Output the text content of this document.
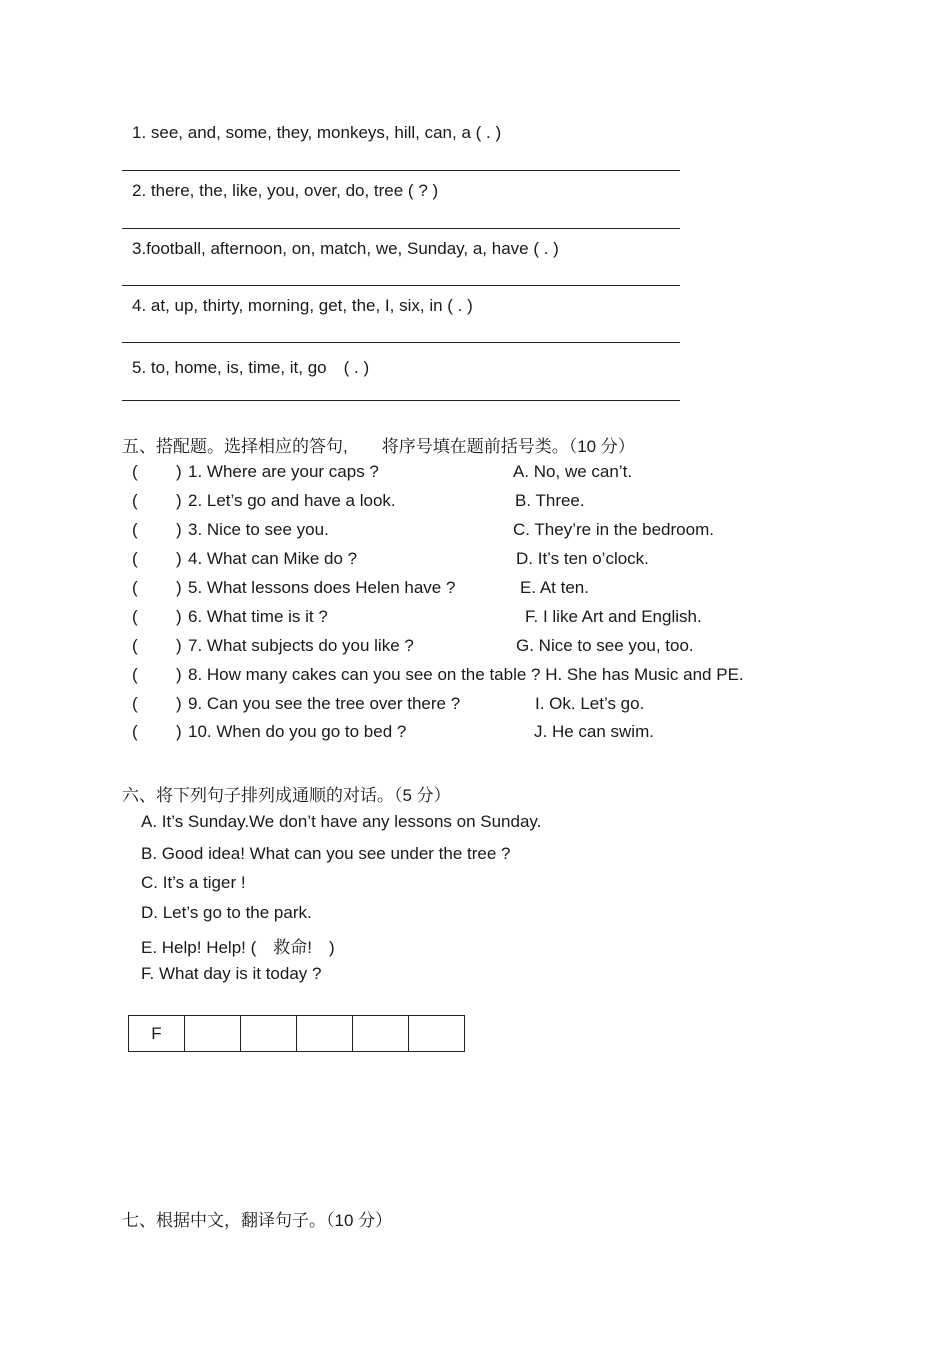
1. see, and, some, they, monkeys, hill, can, a ( . )
2. there, the, like, you, over, do, tree ( ? )
3.football, afternoon, on, match, we, Sunday, a, have ( . )
4. at, up, thirty, morning, get, the, I, six, in ( . )
5. to, home, is, time, it, go　( . )
五、搭配题。选择相应的答句,　　将序号填在题前括号类。（10 分）
( ) 1. Where are your caps ?	A. No, we can’t.
( ) 2. Let’s go and have a look.	B. Three.
( ) 3. Nice to see you.	C. They’re in the bedroom.
( ) 4. What can Mike do ?	D. It’s ten o’clock.
( ) 5. What lessons does Helen have ?	E. At ten.
( ) 6. What time is it ?	F. I like Art and English.
( ) 7. What subjects do you like ?	G. Nice to see you, too.
( ) 8. How many cakes can you see on the table ? H. She has Music and PE.
( ) 9. Can you see the tree over there ?	I. Ok. Let’s go.
( ) 10. When do you go to bed ?	J. He can swim.
六、将下列句子排列成通顺的对话。（5 分）
A. It’s Sunday.We don’t have any lessons on Sunday.
B. Good idea! What can you see under the tree ?
C. It’s a tiger !
D. Let’s go to the park.
E. Help! Help! (　救命!　)
F. What day is it today ?
F					
七、根据中文，翻译句子。（10 分）
